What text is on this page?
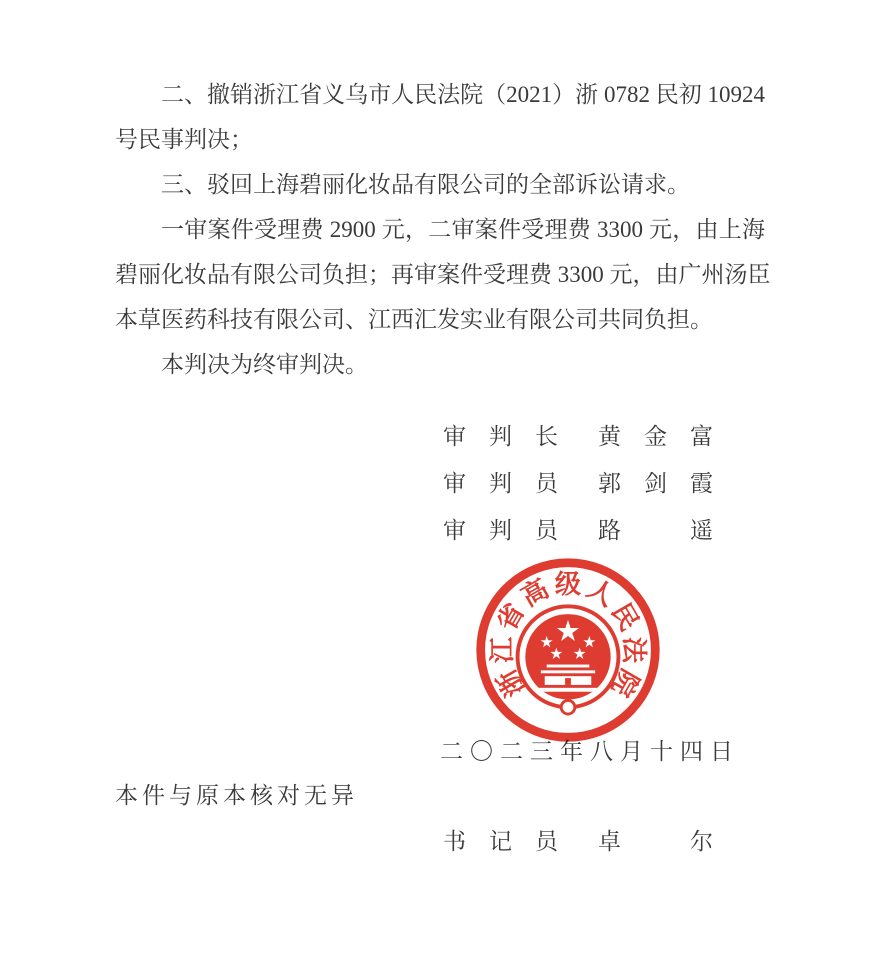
二、撤销浙江省义乌市人民法院（2021）浙 0782 民初 10924
号民事判决；
三、驳回上海碧丽化妆品有限公司的全部诉讼请求。
一审案件受理费 2900 元，二审案件受理费 3300 元，由上海
碧丽化妆品有限公司负担；再审案件受理费 3300 元，由广州汤臣
本草医药科技有限公司、江西汇发实业有限公司共同负担。
本判决为终审判决。
审　判　长 黄　金　富
审　判　员 郭　剑　霞
审　判　员 路　　　遥
二〇二三年八月十四日
浙
江
省
高 级 人
民
法
院
本件与原本核对无异
书　记　员 卓　　　尔
